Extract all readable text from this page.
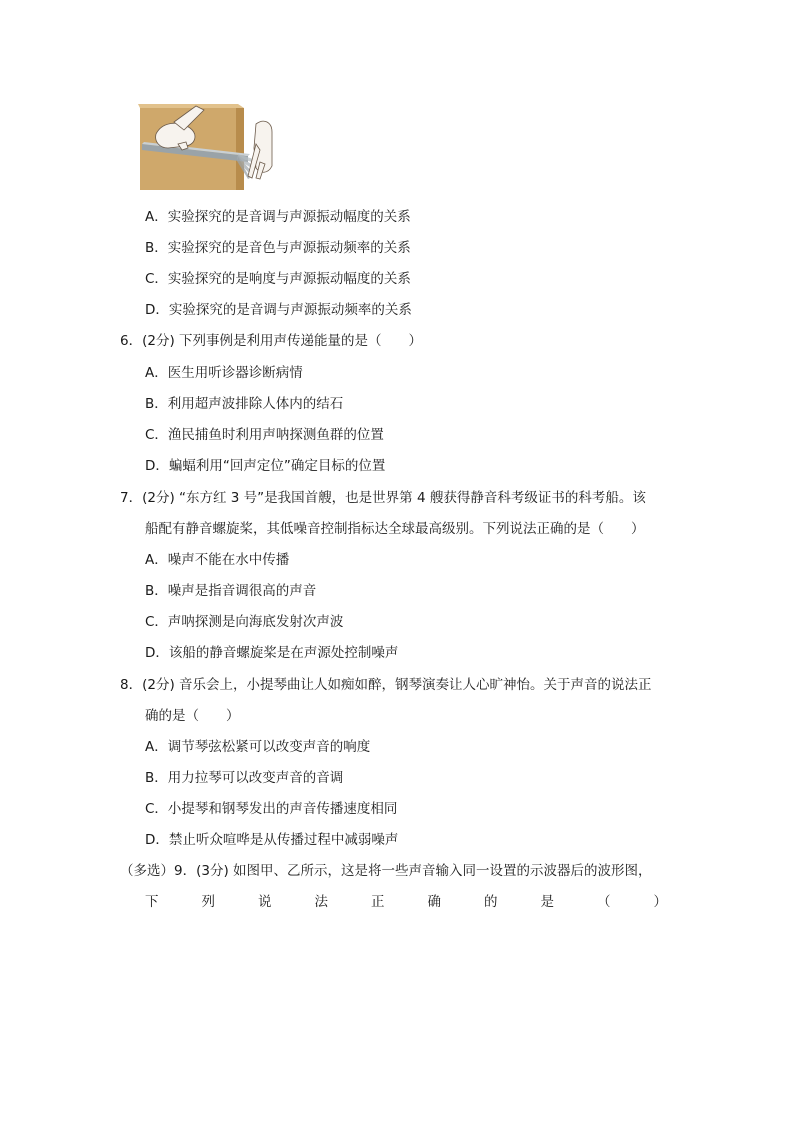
A．实验探究的是音调与声源振动幅度的关系
B．实验探究的是音色与声源振动频率的关系
C．实验探究的是响度与声源振动幅度的关系
D．实验探究的是音调与声源振动频率的关系
6．(2分) 下列事例是利用声传递能量的是（　　）
A．医生用听诊器诊断病情
B．利用超声波排除人体内的结石
C．渔民捕鱼时利用声呐探测鱼群的位置
D．蝙蝠利用“回声定位”确定目标的位置
7．(2分) “东方红 3 号”是我国首艘，也是世界第 4 艘获得静音科考级证书的科考船。该
船配有静音螺旋桨，其低噪音控制指标达全球最高级别。下列说法正确的是（　　）
A．噪声不能在水中传播
B．噪声是指音调很高的声音
C．声呐探测是向海底发射次声波
D．该船的静音螺旋桨是在声源处控制噪声
8．(2分) 音乐会上，小提琴曲让人如痴如醉，钢琴演奏让人心旷神怡。关于声音的说法正
确的是（　　）
A．调节琴弦松紧可以改变声音的响度
B．用力拉琴可以改变声音的音调
C．小提琴和钢琴发出的声音传播速度相同
D．禁止听众喧哗是从传播过程中减弱噪声
（多选）9．(3分) 如图甲、乙所示，这是将一些声音输入同一设置的示波器后的波形图，
下	列	说	法	正	确	的	是	（	）
